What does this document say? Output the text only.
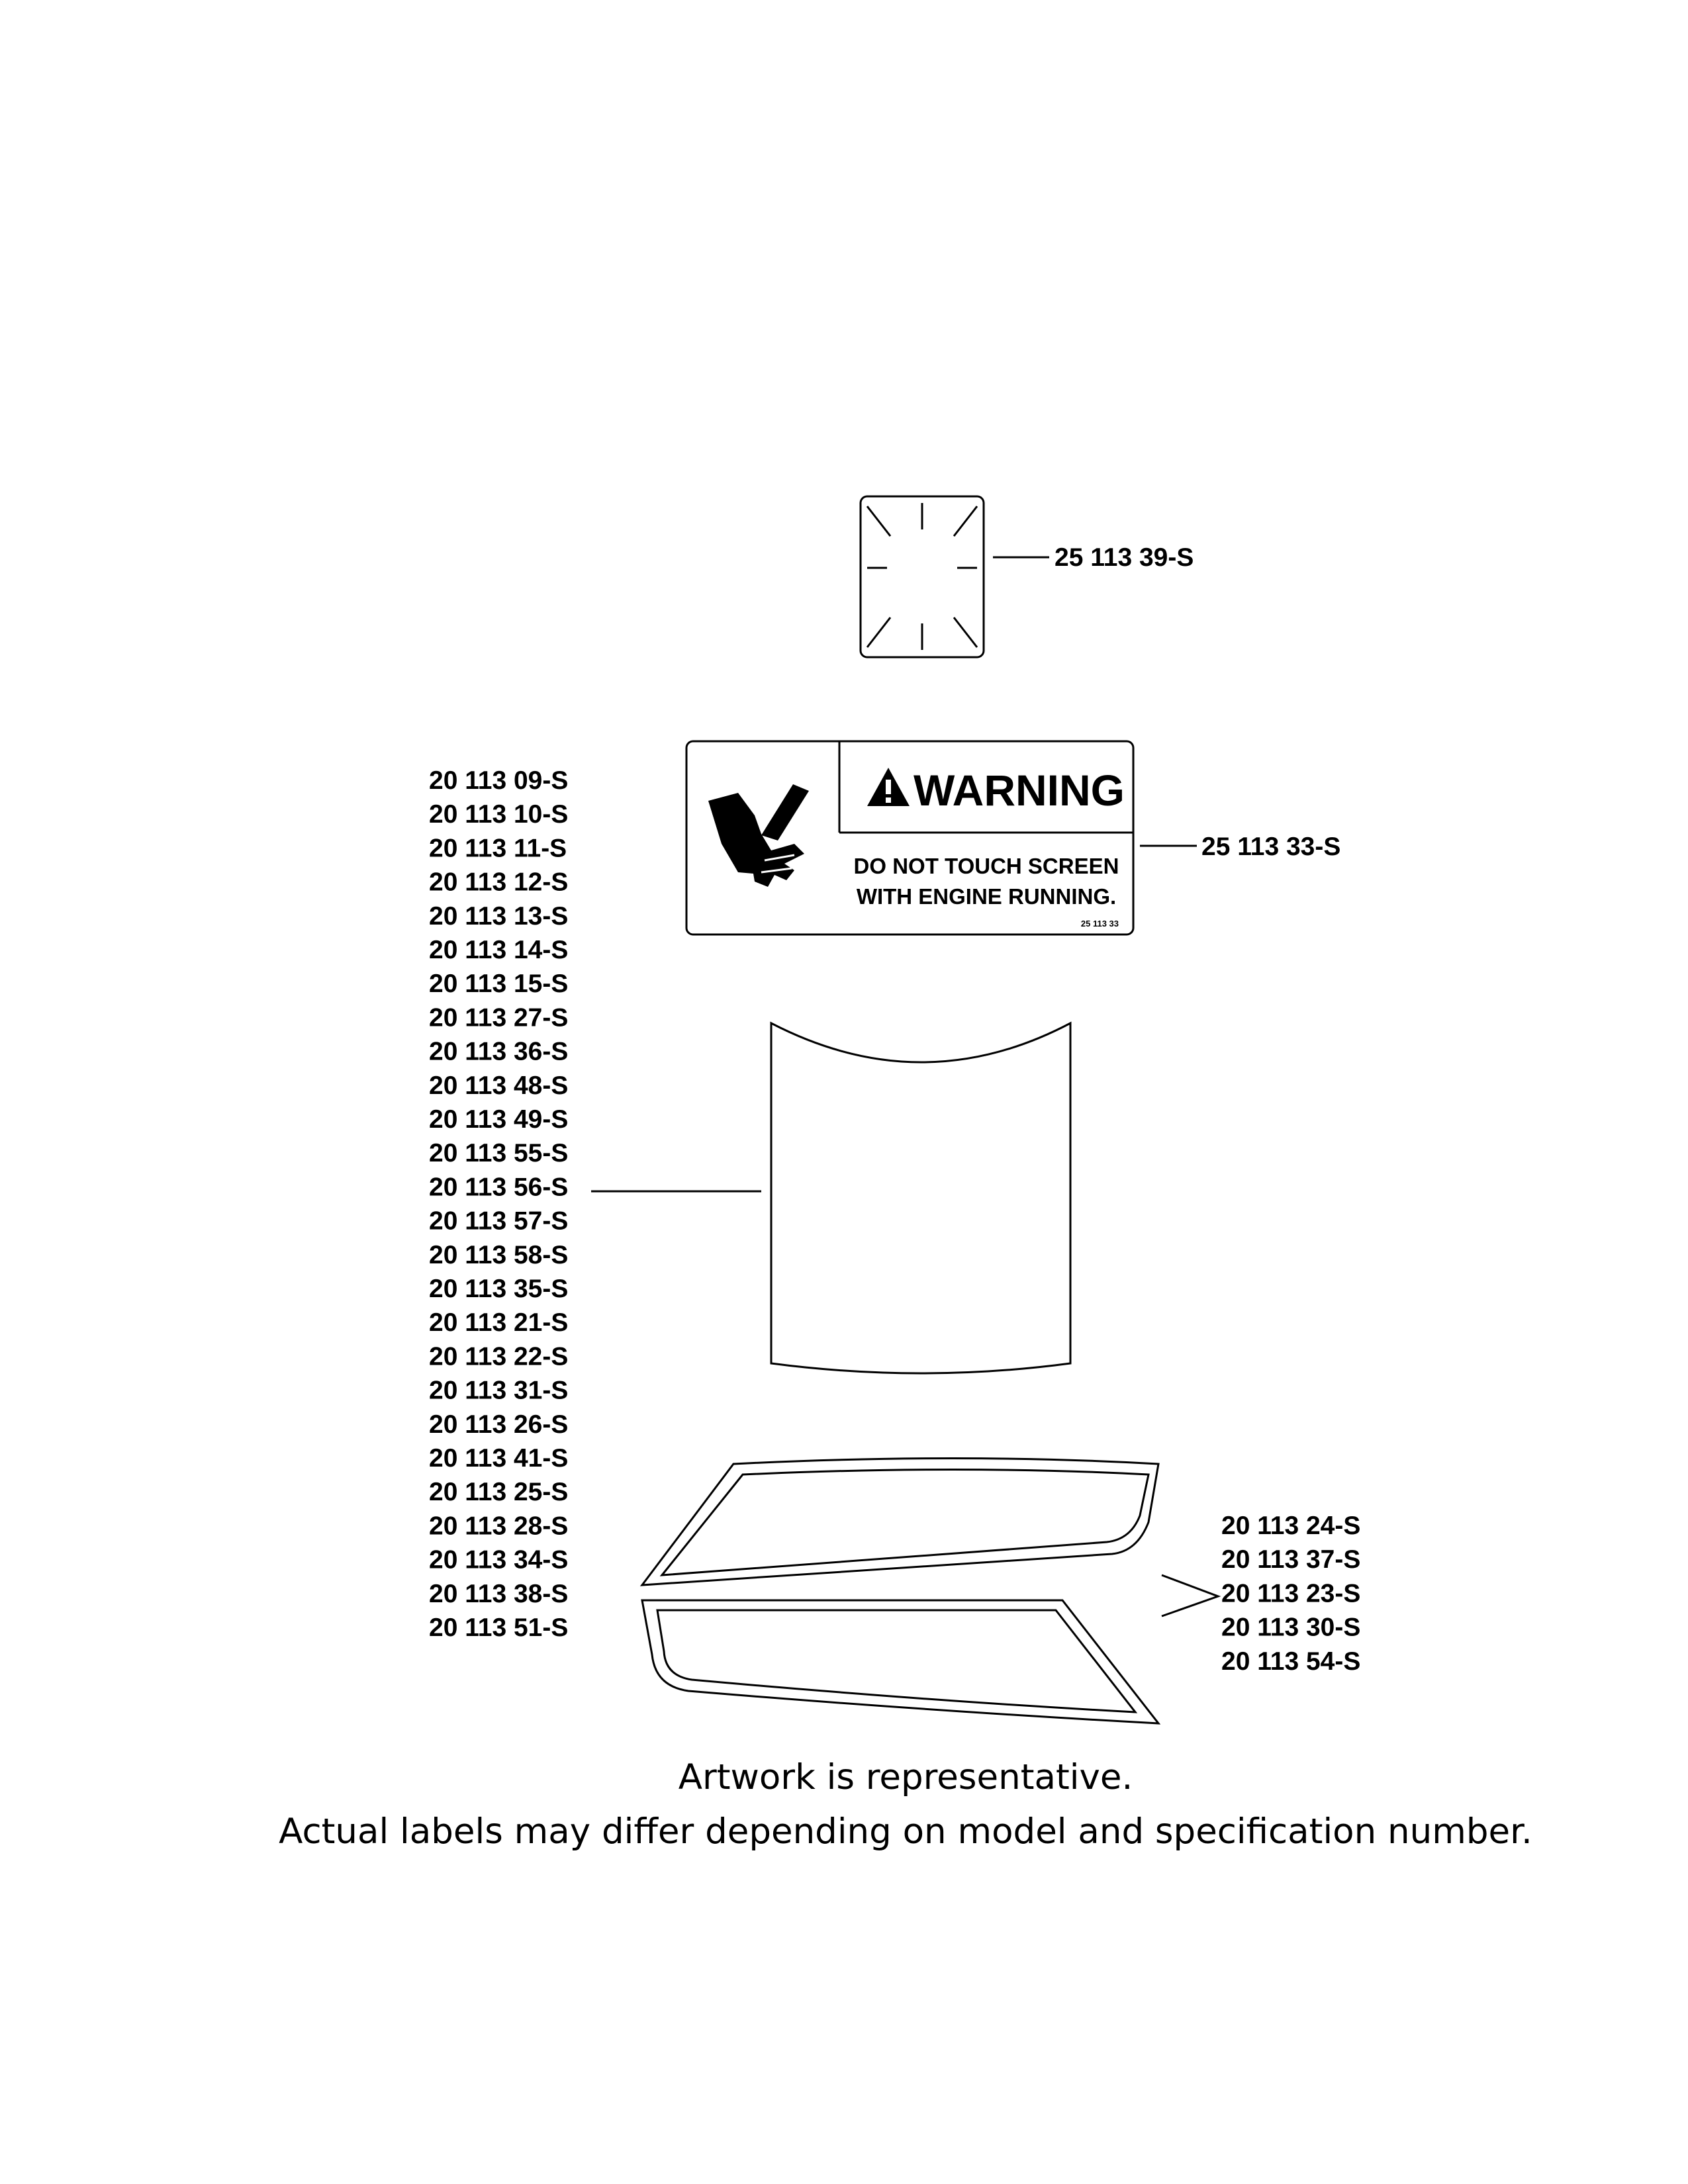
25 113 39-S
WARNING
DO NOT TOUCH SCREEN
WITH ENGINE RUNNING.
25 113 33
25 113 33-S
20 113 09-S
20 113 10-S
20 113 11-S
20 113 12-S
20 113 13-S
20 113 14-S
20 113 15-S
20 113 27-S
20 113 36-S
20 113 48-S
20 113 49-S
20 113 55-S
20 113 56-S
20 113 57-S
20 113 58-S
20 113 35-S
20 113 21-S
20 113 22-S
20 113 31-S
20 113 26-S
20 113 41-S
20 113 25-S
20 113 28-S
20 113 34-S
20 113 38-S
20 113 51-S
20 113 24-S
20 113 37-S
20 113 23-S
20 113 30-S
20 113 54-S
Artwork is representative.
Actual labels may differ depending on model and specification number.
